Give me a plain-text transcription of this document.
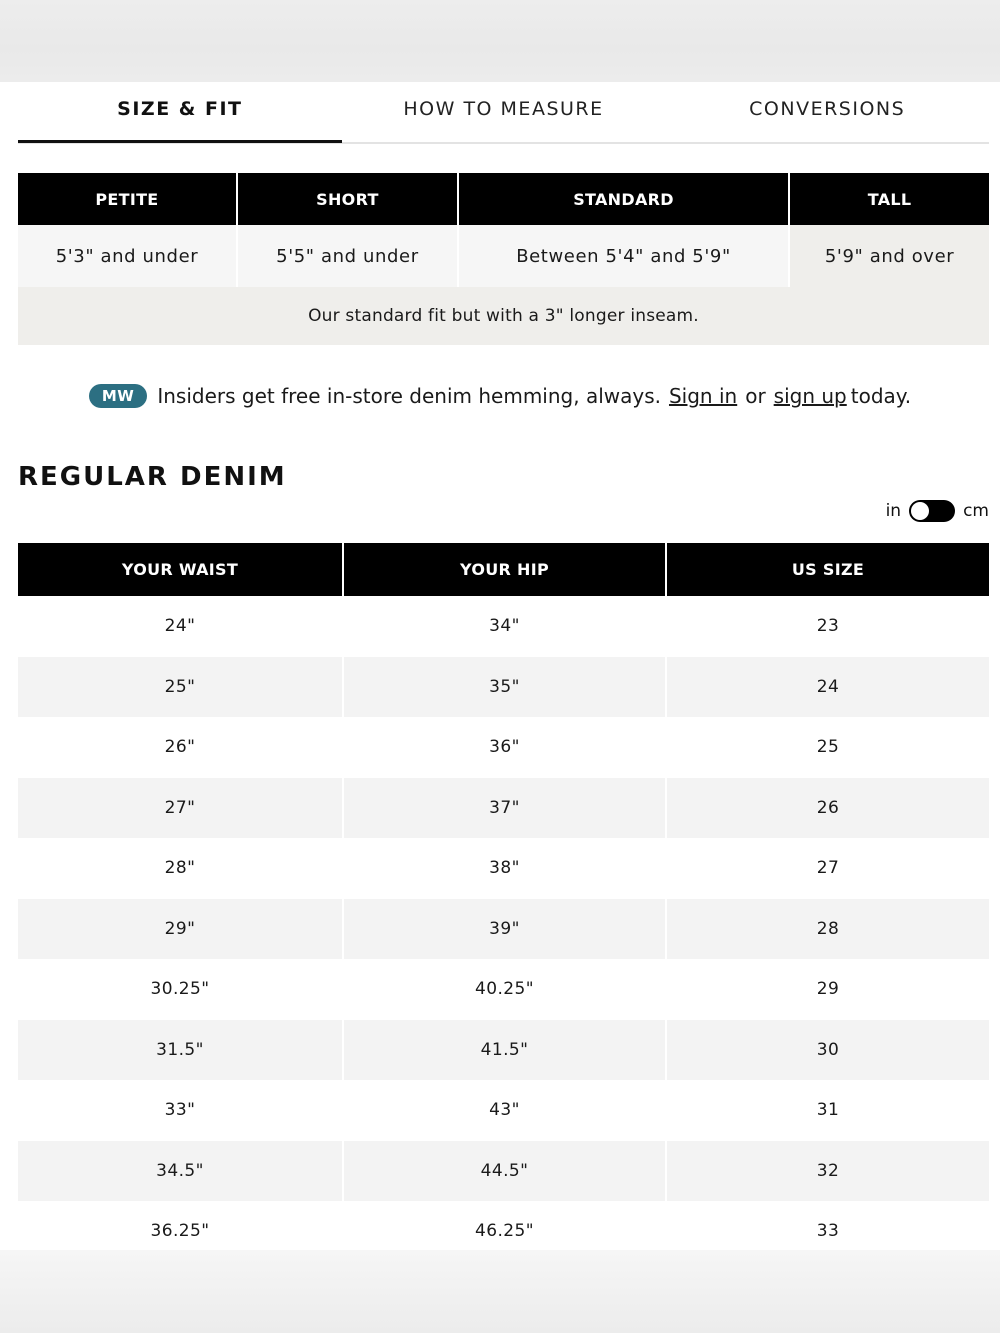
SIZE & FIT	HOW TO MEASURE	CONVERSIONS
PETITE	SHORT	STANDARD	TALL
5'3" and under	5'5" and under	Between 5'4" and 5'9"	5'9" and over
Our standard fit but with a 3" longer inseam.			
MW	Insiders get free in-store denim hemming, always. Sign in or sign up today.
REGULAR DENIM
in	cm
YOUR WAIST	YOUR HIP	US SIZE
24"	34"	23
25"	35"	24
26"	36"	25
27"	37"	26
28"	38"	27
29"	39"	28
30.25"	40.25"	29
31.5"	41.5"	30
33"	43"	31
34.5"	44.5"	32
36.25"	46.25"	33
